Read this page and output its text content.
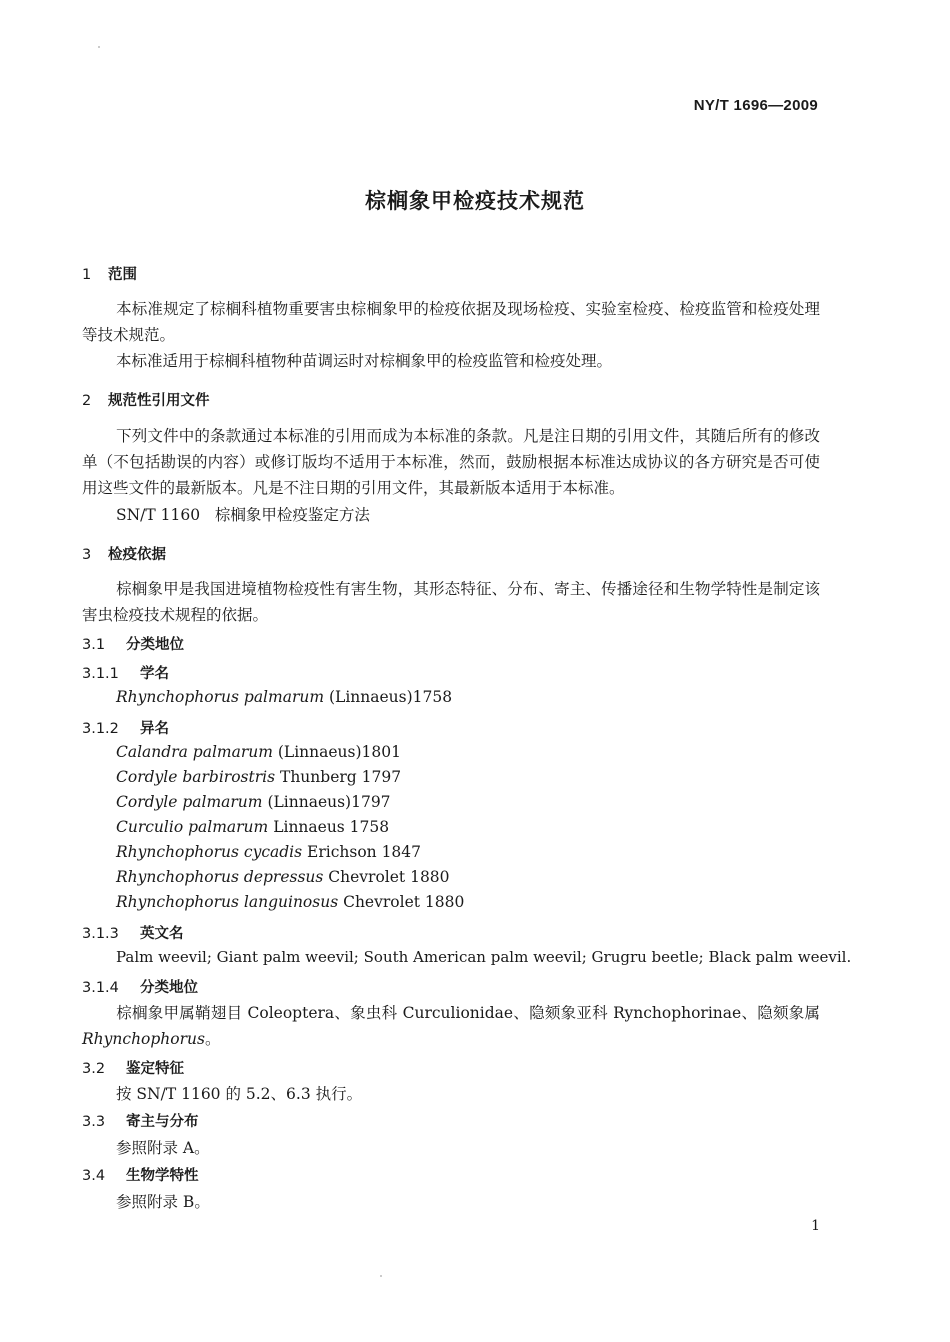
NY/T 1696—2009
棕榈象甲检疫技术规范
1 范围
本标准规定了棕榈科植物重要害虫棕榈象甲的检疫依据及现场检疫、实验室检疫、检疫监管和检疫处理等技术规范。
本标准适用于棕榈科植物种苗调运时对棕榈象甲的检疫监管和检疫处理。
2 规范性引用文件
下列文件中的条款通过本标准的引用而成为本标准的条款。凡是注日期的引用文件，其随后所有的修改单（不包括勘误的内容）或修订版均不适用于本标准，然而，鼓励根据本标准达成协议的各方研究是否可使用这些文件的最新版本。凡是不注日期的引用文件，其最新版本适用于本标准。
SN/T 1160 棕榈象甲检疫鉴定方法
3 检疫依据
棕榈象甲是我国进境植物检疫性有害生物，其形态特征、分布、寄主、传播途径和生物学特性是制定该害虫检疫技术规程的依据。
3.1 分类地位
3.1.1 学名
Rhynchophorus palmarum (Linnaeus)1758
3.1.2 异名
Calandra palmarum (Linnaeus)1801
Cordyle barbirostris Thunberg 1797
Cordyle palmarum (Linnaeus)1797
Curculio palmarum Linnaeus 1758
Rhynchophorus cycadis Erichson 1847
Rhynchophorus depressus Chevrolet 1880
Rhynchophorus languinosus Chevrolet 1880
3.1.3 英文名
Palm weevil; Giant palm weevil; South American palm weevil; Grugru beetle; Black palm weevil.
3.1.4 分类地位
棕榈象甲属鞘翅目 Coleoptera、象虫科 Curculionidae、隐颏象亚科 Rynchophorinae、隐颏象属 Rhynchophorus。
3.2 鉴定特征
按 SN/T 1160 的 5.2、6.3 执行。
3.3 寄主与分布
参照附录 A。
3.4 生物学特性
参照附录 B。
1
